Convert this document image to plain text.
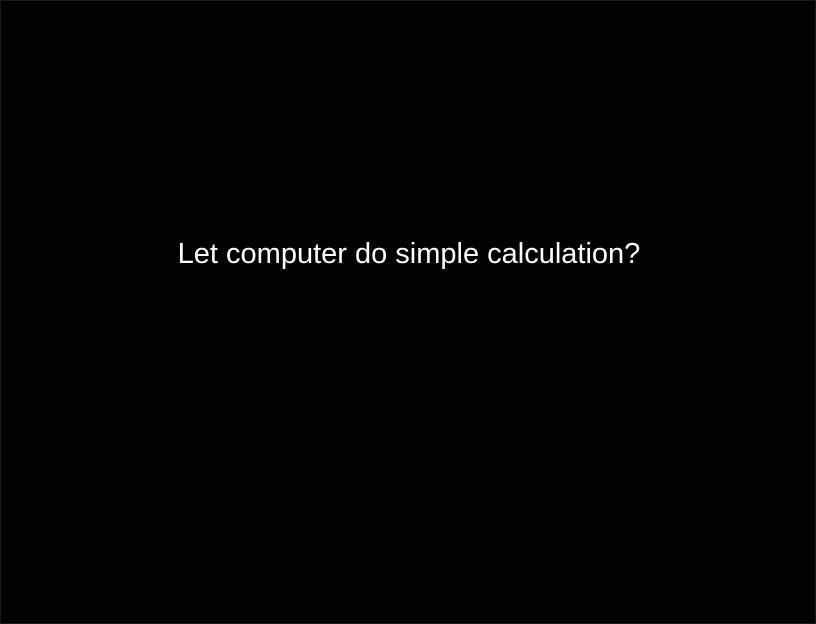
Let computer do simple calculation?
